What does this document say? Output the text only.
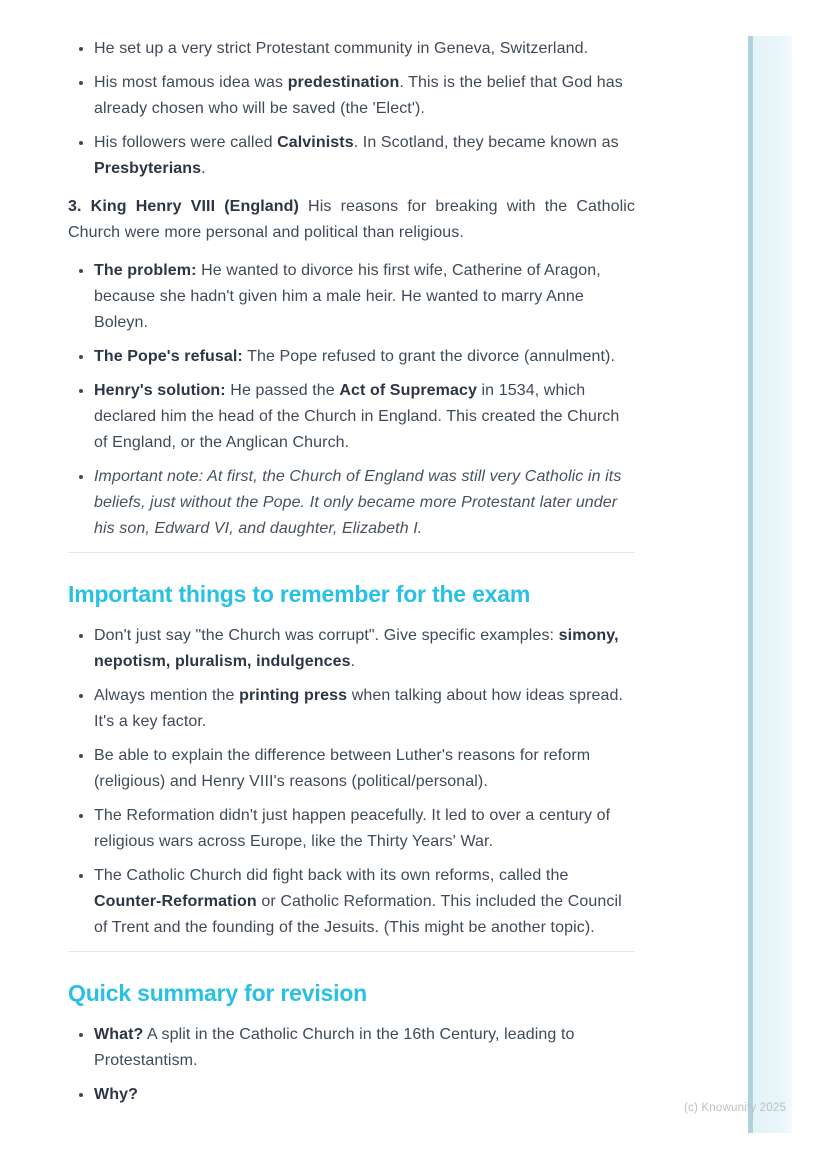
• He set up a very strict Protestant community in Geneva, Switzerland.
• His most famous idea was predestination. This is the belief that God has already chosen who will be saved (the 'Elect').
• His followers were called Calvinists. In Scotland, they became known as Presbyterians.

3. King Henry VIII (England) His reasons for breaking with the Catholic Church were more personal and political than religious.

• The problem: He wanted to divorce his first wife, Catherine of Aragon, because she hadn't given him a male heir. He wanted to marry Anne Boleyn.
• The Pope's refusal: The Pope refused to grant the divorce (annulment).
• Henry's solution: He passed the Act of Supremacy in 1534, which declared him the head of the Church in England. This created the Church of England, or the Anglican Church.
• Important note: At first, the Church of England was still very Catholic in its beliefs, just without the Pope. It only became more Protestant later under his son, Edward VI, and daughter, Elizabeth I.
Important things to remember for the exam
• Don't just say "the Church was corrupt". Give specific examples: simony, nepotism, pluralism, indulgences.
• Always mention the printing press when talking about how ideas spread. It's a key factor.
• Be able to explain the difference between Luther's reasons for reform (religious) and Henry VIII's reasons (political/personal).
• The Reformation didn't just happen peacefully. It led to over a century of religious wars across Europe, like the Thirty Years' War.
• The Catholic Church did fight back with its own reforms, called the Counter-Reformation or Catholic Reformation. This included the Council of Trent and the founding of the Jesuits. (This might be another topic).
Quick summary for revision
• What? A split in the Catholic Church in the 16th Century, leading to Protestantism.
• Why?
(c) Knowunity 2025
